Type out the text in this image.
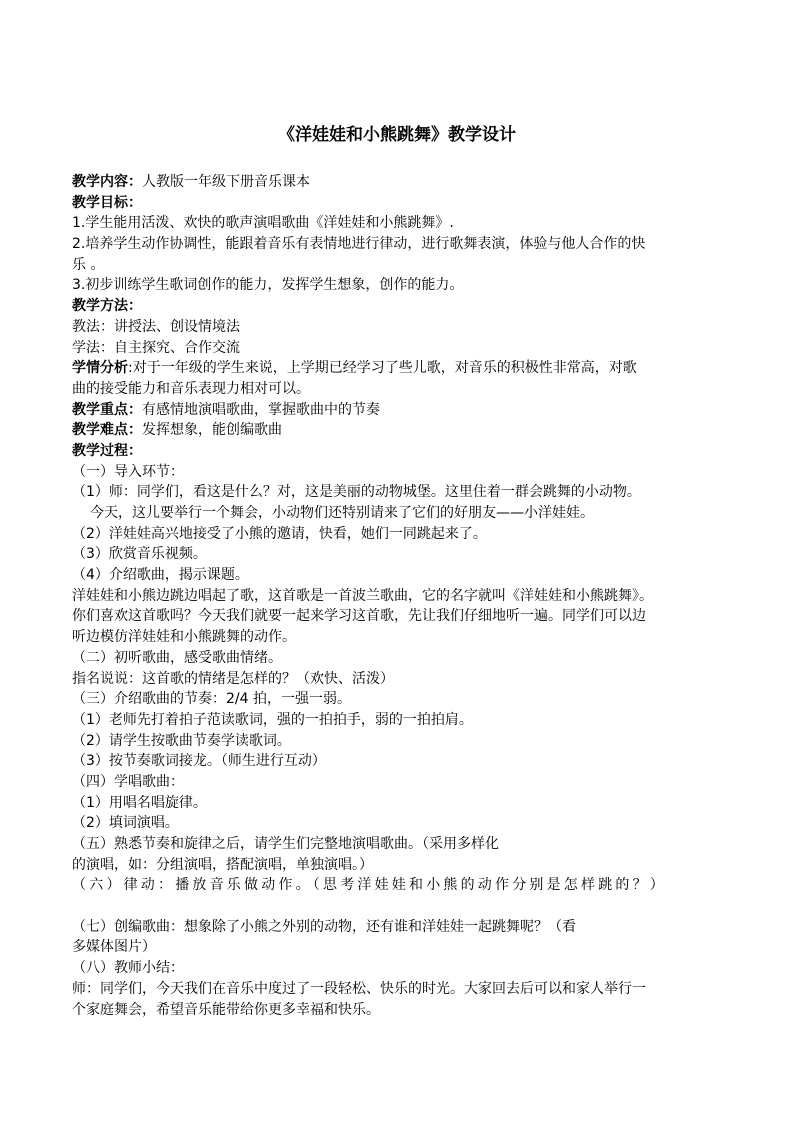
《洋娃娃和小熊跳舞》教学设计
教学内容：人教版一年级下册音乐课本
教学目标：
1.学生能用活泼、欢快的歌声演唱歌曲《洋娃娃和小熊跳舞》.
2.培养学生动作协调性，能跟着音乐有表情地进行律动，进行歌舞表演，体验与他人合作的快
乐 。
3.初步训练学生歌词创作的能力，发挥学生想象，创作的能力。
教学方法：
教法：讲授法、创设情境法
学法：自主探究、合作交流
学情分析:对于一年级的学生来说，上学期已经学习了些儿歌，对音乐的积极性非常高，对歌
曲的接受能力和音乐表现力相对可以。
教学重点：有感情地演唱歌曲，掌握歌曲中的节奏
教学难点：发挥想象，能创编歌曲
教学过程：
（一）导入环节：
（1）师：同学们，看这是什么？对，这是美丽的动物城堡。这里住着一群会跳舞的小动物。
今天，这儿要举行一个舞会，小动物们还特别请来了它们的好朋友——小洋娃娃。
（2）洋娃娃高兴地接受了小熊的邀请，快看，她们一同跳起来了。
（3）欣赏音乐视频。
（4）介绍歌曲，揭示课题。
洋娃娃和小熊边跳边唱起了歌，这首歌是一首波兰歌曲，它的名字就叫《洋娃娃和小熊跳舞》。
你们喜欢这首歌吗？今天我们就要一起来学习这首歌，先让我们仔细地听一遍。同学们可以边
听边模仿洋娃娃和小熊跳舞的动作。
（二）初听歌曲，感受歌曲情绪。
指名说说：这首歌的情绪是怎样的？（欢快、活泼）
（三）介绍歌曲的节奏：2/4 拍，一强一弱。
（1）老师先打着拍子范读歌词，强的一拍拍手，弱的一拍拍肩。
（2）请学生按歌曲节奏学读歌词。
（3）按节奏歌词接龙。（师生进行互动）
（四）学唱歌曲：
（1）用唱名唱旋律。
（2）填词演唱。
（五）熟悉节奏和旋律之后，请学生们完整地演唱歌曲。（采用多样化
的演唱，如：分组演唱，搭配演唱，单独演唱。）
（六）律动：播放音乐做动作。（思考洋娃娃和小熊的动作分别是怎样跳的？）
（七）创编歌曲：想象除了小熊之外别的动物，还有谁和洋娃娃一起跳舞呢？（看
多媒体图片）
（八）教师小结：
师：同学们，今天我们在音乐中度过了一段轻松、快乐的时光。大家回去后可以和家人举行一
个家庭舞会，希望音乐能带给你更多幸福和快乐。
